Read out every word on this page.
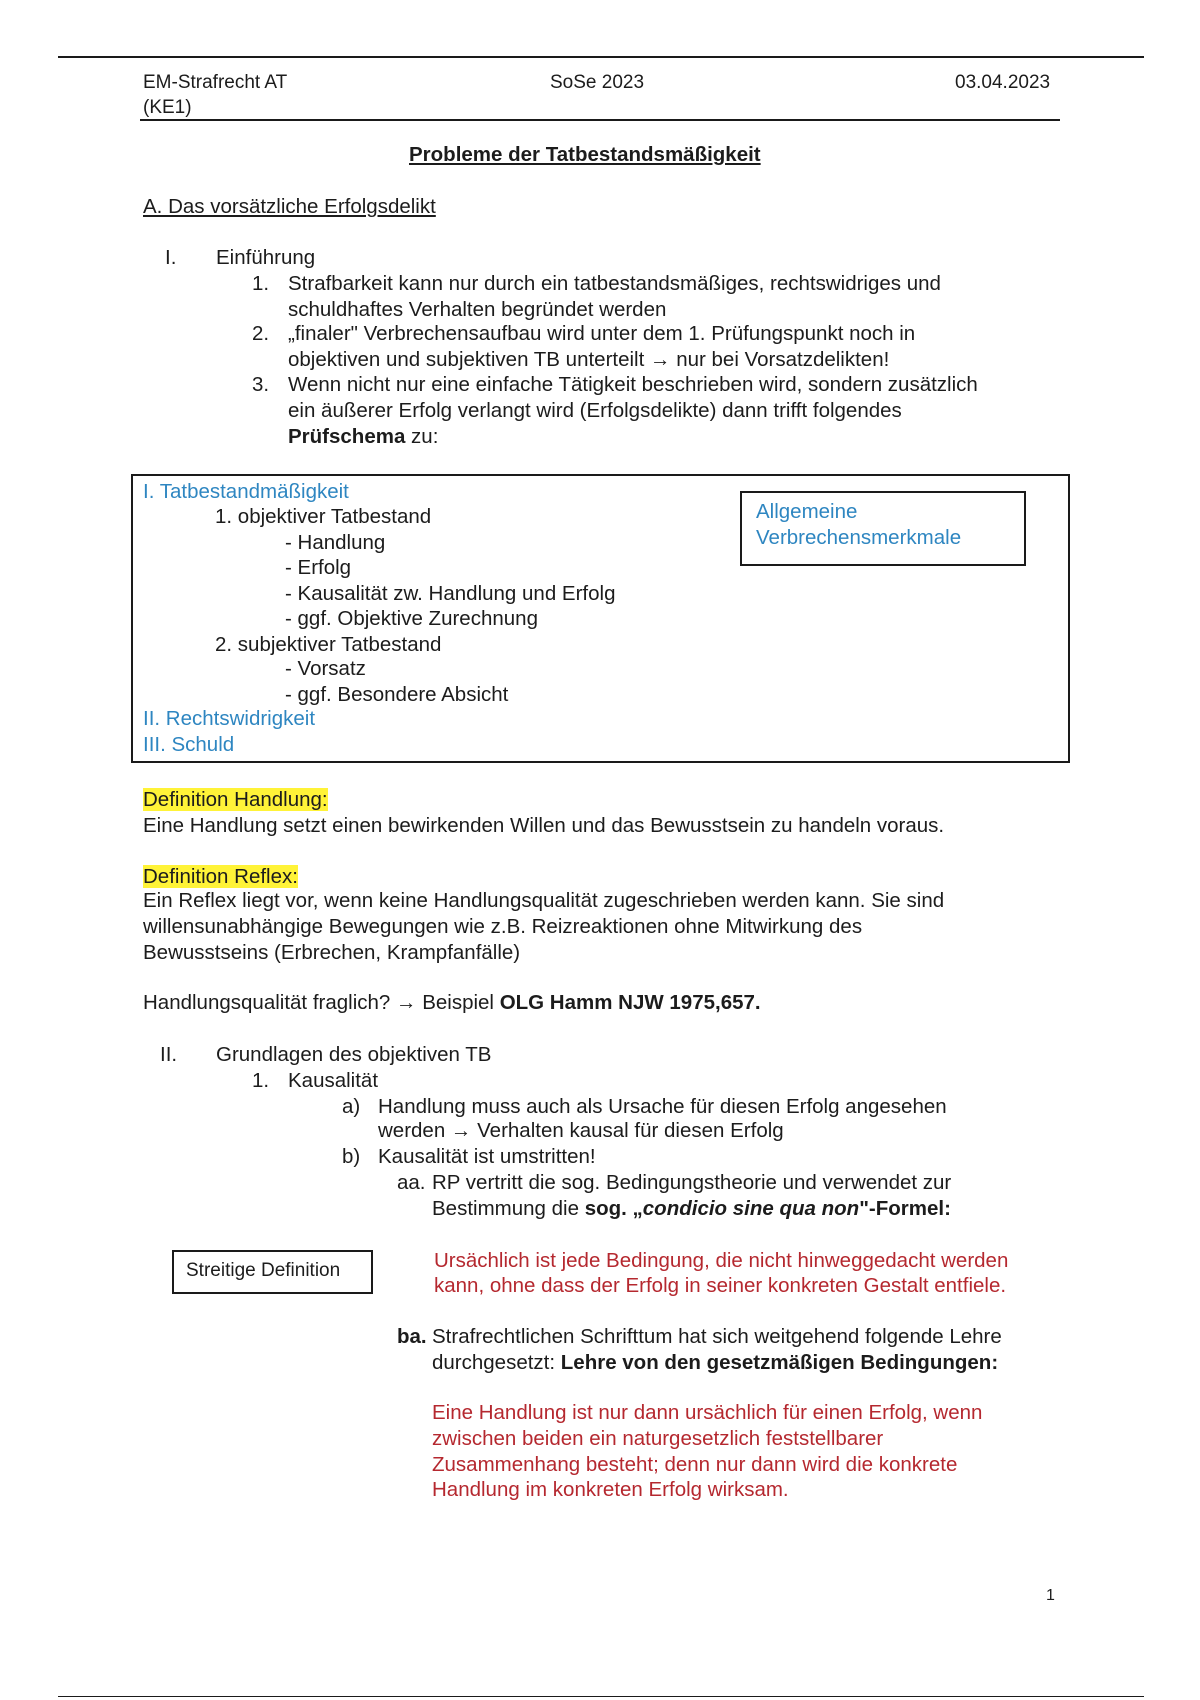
EM-Strafrecht AT
(KE1)
SoSe 2023	03.04.2023
Probleme der Tatbestandsmäßigkeit
A. Das vorsätzliche Erfolgsdelikt
I. Einführung
1. Strafbarkeit kann nur durch ein tatbestandsmäßiges, rechtswidriges und
schuldhaftes Verhalten begründet werden
2. „finaler" Verbrechensaufbau wird unter dem 1. Prüfungspunkt noch in
objektiven und subjektiven TB unterteilt → nur bei Vorsatzdelikten!
3. Wenn nicht nur eine einfache Tätigkeit beschrieben wird, sondern zusätzlich
ein äußerer Erfolg verlangt wird (Erfolgsdelikte) dann trifft folgendes
Prüfschema zu:
I. Tatbestandmäßigkeit
1. objektiver Tatbestand
- Handlung
- Erfolg
- Kausalität zw. Handlung und Erfolg
- ggf. Objektive Zurechnung
2. subjektiver Tatbestand
- Vorsatz
- ggf. Besondere Absicht
II. Rechtswidrigkeit
III. Schuld
Allgemeine
Verbrechensmerkmale
Definition Handlung:
Eine Handlung setzt einen bewirkenden Willen und das Bewusstsein zu handeln voraus.
Definition Reflex:
Ein Reflex liegt vor, wenn keine Handlungsqualität zugeschrieben werden kann. Sie sind
willensunabhängige Bewegungen wie z.B. Reizreaktionen ohne Mitwirkung des
Bewusstseins (Erbrechen, Krampfanfälle)
Handlungsqualität fraglich? → Beispiel OLG Hamm NJW 1975,657.
II. Grundlagen des objektiven TB
1. Kausalität
a) Handlung muss auch als Ursache für diesen Erfolg angesehen
werden → Verhalten kausal für diesen Erfolg
b) Kausalität ist umstritten!
aa. RP vertritt die sog. Bedingungstheorie und verwendet zur
Bestimmung die sog. „condicio sine qua non"-Formel:
Streitige Definition	Ursächlich ist jede Bedingung, die nicht hinweggedacht werden
kann, ohne dass der Erfolg in seiner konkreten Gestalt entfiele.
ba. Strafrechtlichen Schrifttum hat sich weitgehend folgende Lehre
durchgesetzt: Lehre von den gesetzmäßigen Bedingungen:
Eine Handlung ist nur dann ursächlich für einen Erfolg, wenn
zwischen beiden ein naturgesetzlich feststellbarer
Zusammenhang besteht; denn nur dann wird die konkrete
Handlung im konkreten Erfolg wirksam.
1
